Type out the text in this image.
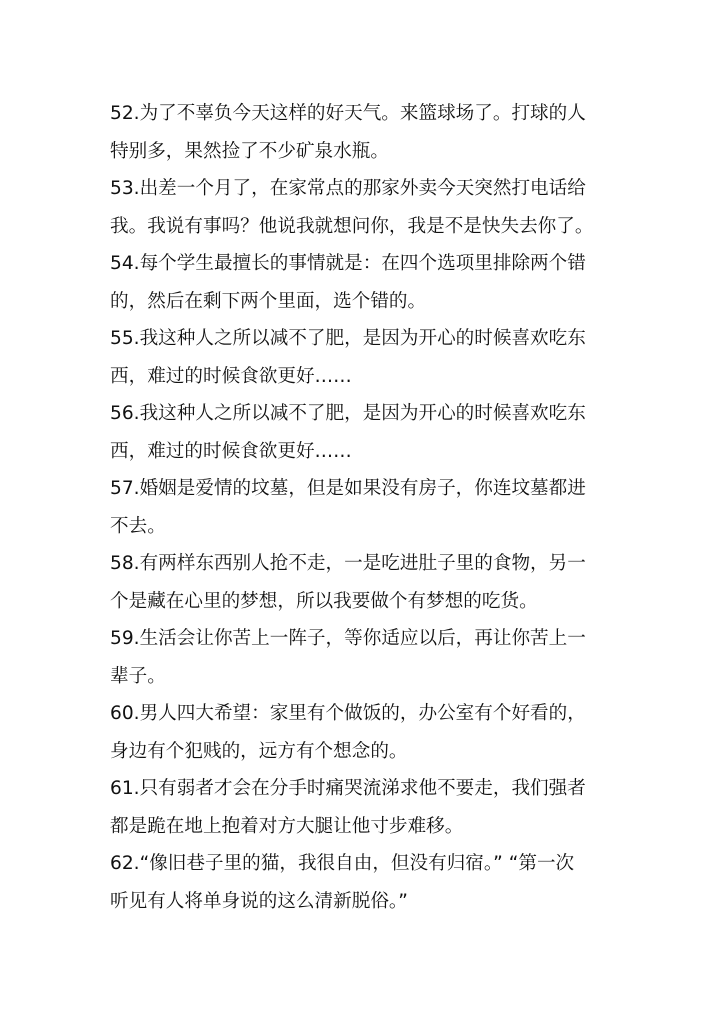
52.为了不辜负今天这样的好天气。来篮球场了。打球的人
特别多，果然捡了不少矿泉水瓶。
53.出差一个月了，在家常点的那家外卖今天突然打电话给
我。我说有事吗？他说我就想问你，我是不是快失去你了。
54.每个学生最擅长的事情就是：在四个选项里排除两个错
的，然后在剩下两个里面，选个错的。
55.我这种人之所以减不了肥，是因为开心的时候喜欢吃东
西，难过的时候食欲更好……
56.我这种人之所以减不了肥，是因为开心的时候喜欢吃东
西，难过的时候食欲更好……
57.婚姻是爱情的坟墓，但是如果没有房子，你连坟墓都进
不去。
58.有两样东西别人抢不走，一是吃进肚子里的食物，另一
个是藏在心里的梦想，所以我要做个有梦想的吃货。
59.生活会让你苦上一阵子，等你适应以后，再让你苦上一
辈子。
60.男人四大希望：家里有个做饭的，办公室有个好看的，
身边有个犯贱的，远方有个想念的。
61.只有弱者才会在分手时痛哭流涕求他不要走，我们强者
都是跪在地上抱着对方大腿让他寸步难移。
62.“像旧巷子里的猫，我很自由，但没有归宿。” “第一次
听见有人将单身说的这么清新脱俗。”
